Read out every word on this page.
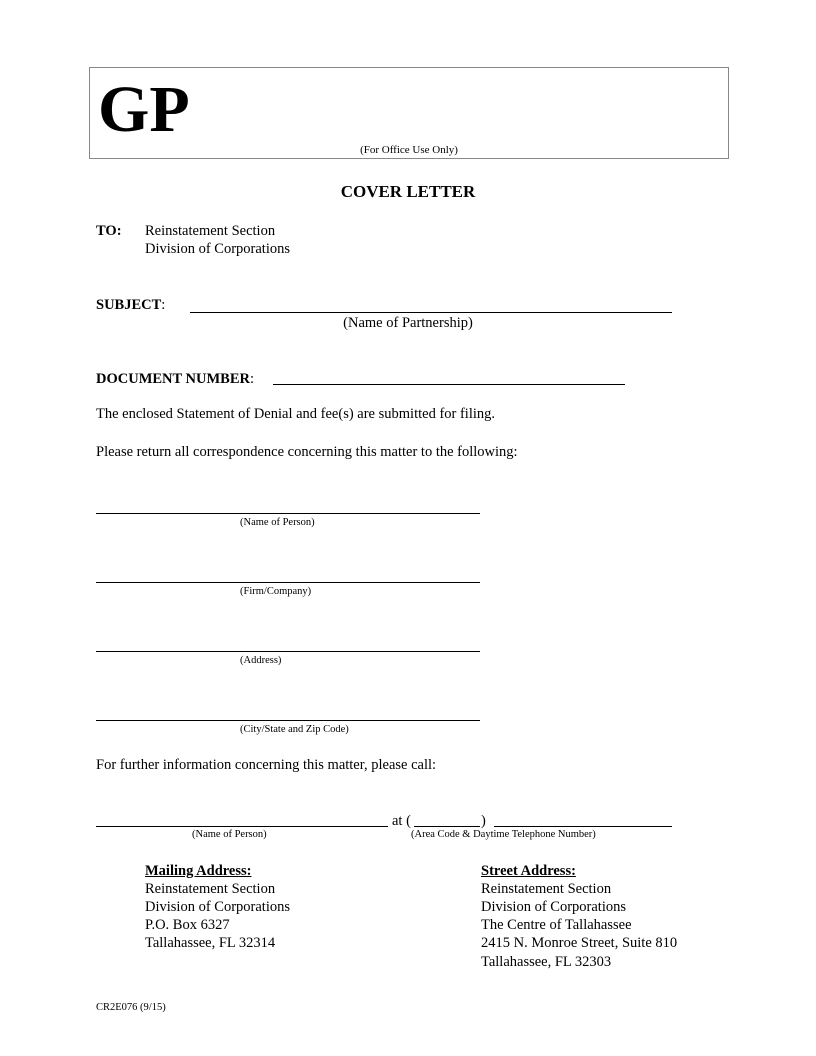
GP
(For Office Use Only)
COVER LETTER
TO: Reinstatement Section
Division of Corporations
SUBJECT:
(Name of Partnership)
DOCUMENT NUMBER:
The enclosed Statement of Denial and fee(s) are submitted for filing.
Please return all correspondence concerning this matter to the following:
(Name of Person)
(Firm/Company)
(Address)
(City/State and Zip Code)
For further information concerning this matter, please call:
at (	)
(Name of Person)	(Area Code & Daytime Telephone Number)
Mailing Address:
Reinstatement Section
Division of Corporations
P.O. Box 6327
Tallahassee, FL 32314
Street Address:
Reinstatement Section
Division of Corporations
The Centre of Tallahassee
2415 N. Monroe Street, Suite 810
Tallahassee, FL 32303
CR2E076 (9/15)
